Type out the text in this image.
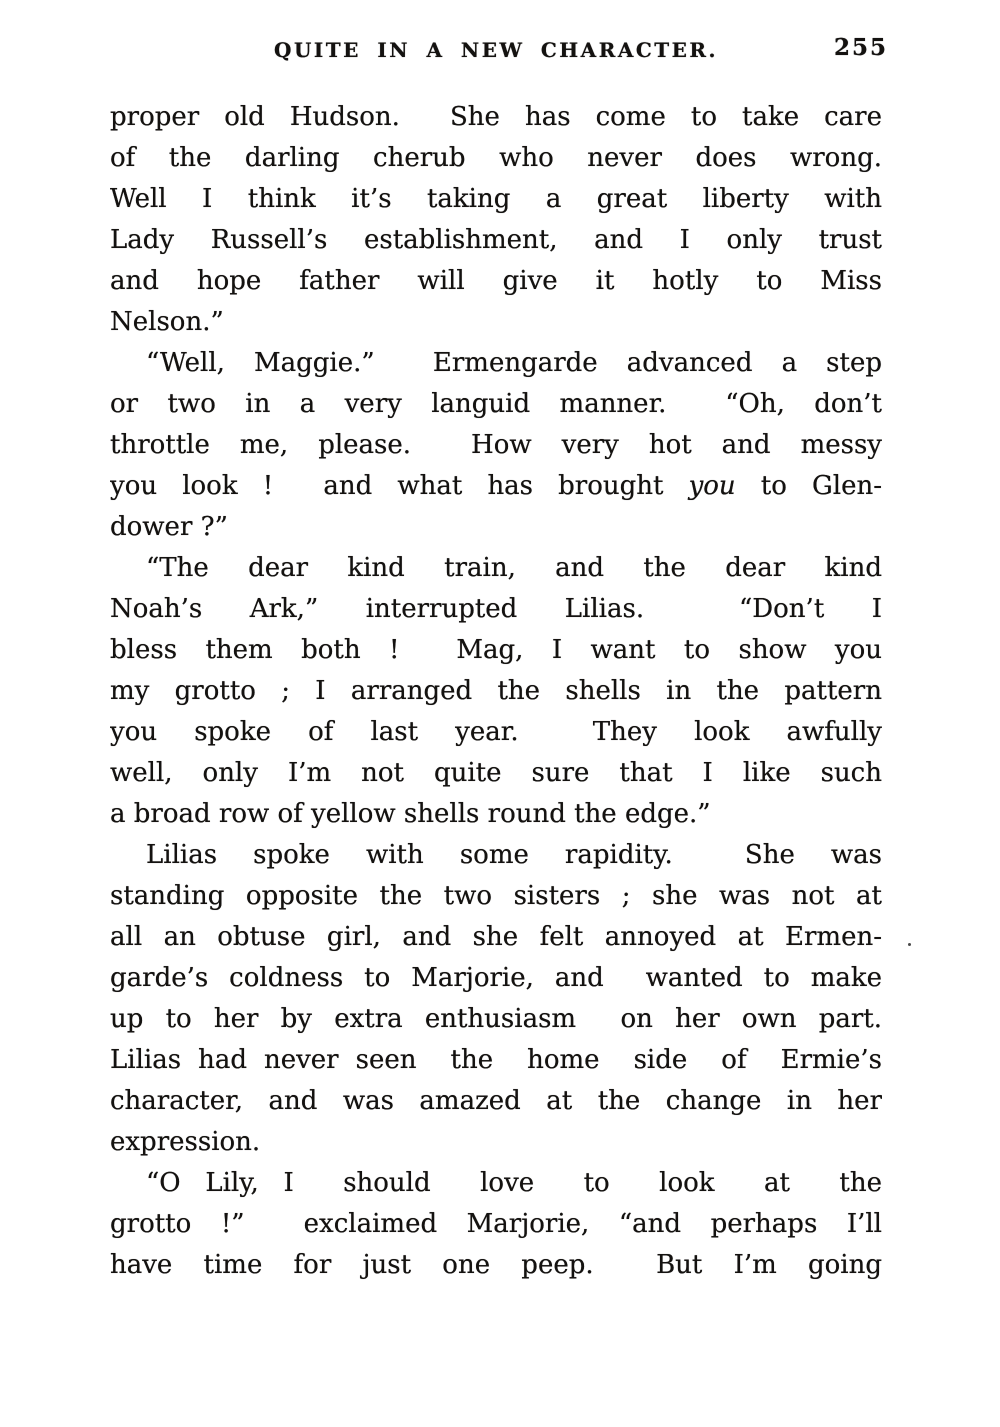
QUITE IN A NEW CHARACTER.	255
proper old Hudson.  She has come to take care
of the darling cherub who never does wrong.
Well I think it’s taking a great liberty with
Lady Russell’s establishment, and I only trust
and hope father will give it hotly to Miss
Nelson.”
“Well, Maggie.”  Ermengarde advanced a step
or two in a very languid manner.  “Oh, don’t
throttle me, please.  How very hot and messy
you look !  and what has brought you to Glen-
dower ?”
“The dear kind train, and the dear kind
Noah’s Ark,” interrupted Lilias.  “Don’t I
bless them both !  Mag, I want to show you
my grotto ; I arranged the shells in the pattern
you spoke of last year.  They look awfully
well, only I’m not quite sure that I like such
a broad row of yellow shells round the edge.”
Lilias spoke with some rapidity.  She was
standing opposite the two sisters ; she was not at
all an obtuse girl, and she felt annoyed at Ermen-
garde’s coldness to Marjorie, and  wanted to make
up to her by extra enthusiasm  on her own part.
Lilias had never seen  the  home  side  of  Ermie’s
character, and was amazed at the change in her
expression.
“O Lily, I  should  love  to  look  at  the
grotto !”  exclaimed Marjorie, “and perhaps I’ll
have time for just one peep.  But I’m going
